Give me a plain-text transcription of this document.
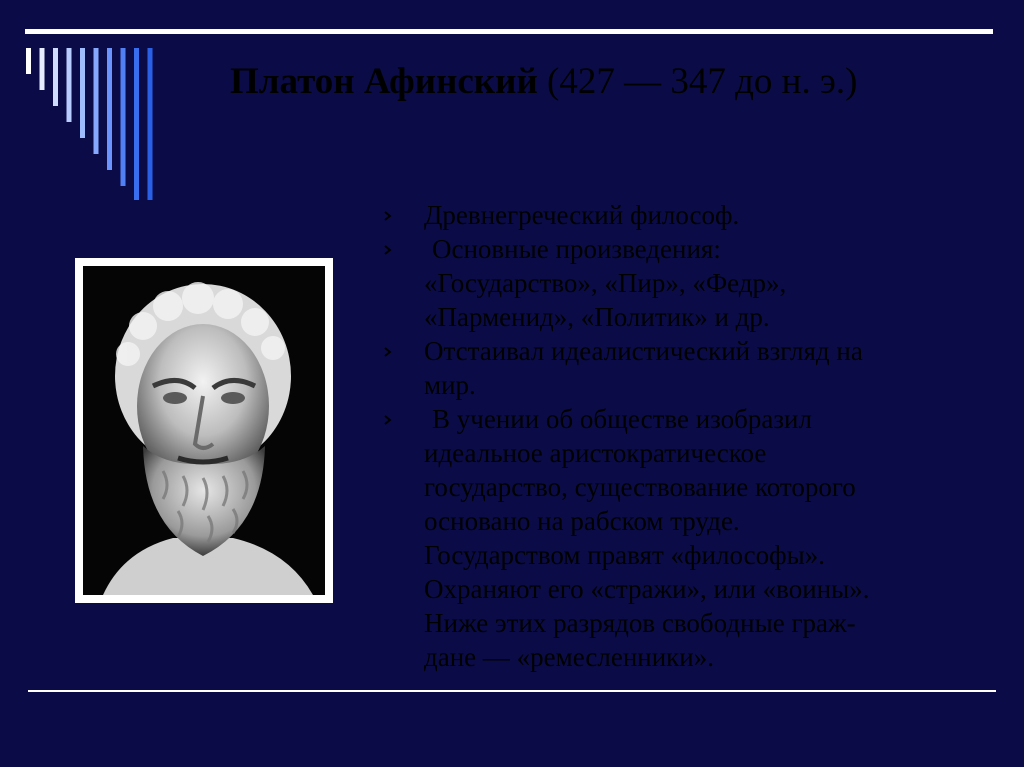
Платон Афинский (427 — 347 до н. э.)
Древнегреческий философ.
Основные произведения:
«Государство», «Пир», «Федр»,
«Парменид», «Политик» и др.
Отстаивал идеалистический взгляд на
мир.
В учении об обществе изобразил
идеальное аристократическое
государство, существование которого
основано на рабском труде.
Государством правят «философы».
Охраняют его «стражи», или «воины».
Ниже этих разрядов свободные граж-
дане — «ремесленники».
